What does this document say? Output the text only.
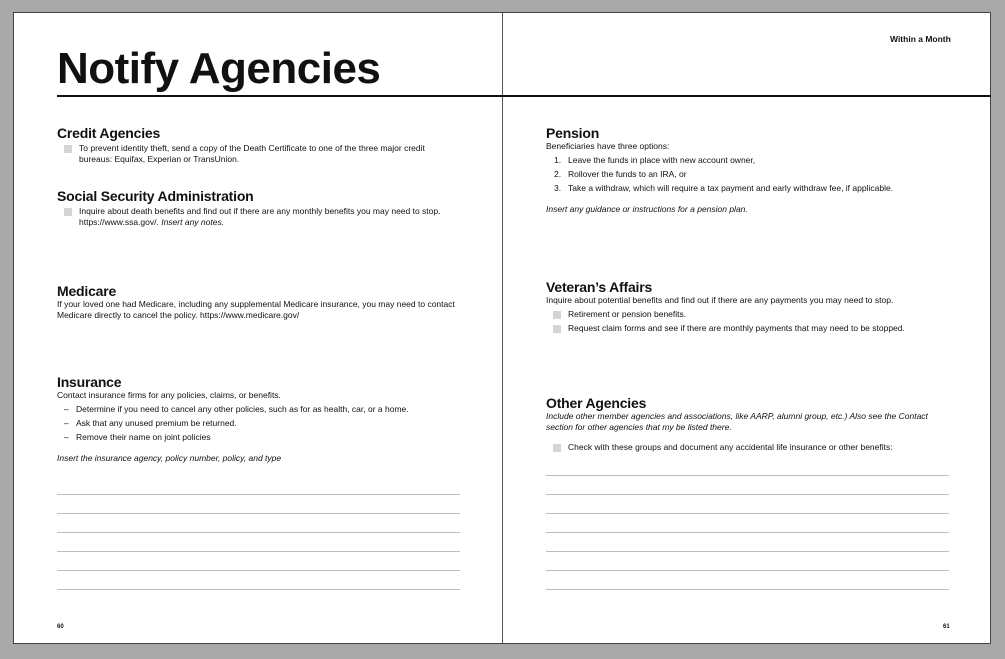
Notify Agencies
Within a Month
Credit Agencies
To prevent identity theft, send a copy of the Death Certificate to one of the three major credit bureaus: Equifax, Experian or TransUnion.
Social Security Administration
Inquire about death benefits and find out if there are any monthly benefits you may need to stop. https://www.ssa.gov/. Insert any notes.
Medicare
If your loved one had Medicare, including any supplemental Medicare insurance, you may need to contact Medicare directly to cancel the policy. https://www.medicare.gov/
Insurance
Contact insurance firms for any policies, claims, or benefits.
– Determine if you need to cancel any other policies, such as for as health, car, or a home.
– Ask that any unused premium be returned.
– Remove their name on joint policies
Insert the insurance agency, policy number, policy, and type
60
Pension
Beneficiaries have three options:
1. Leave the funds in place with new account owner,
2. Rollover the funds to an IRA, or
3. Take a withdraw, which will require a tax payment and early withdraw fee, if applicable.
Insert any guidance or instructions for a pension plan.
Veteran’s Affairs
Inquire about potential benefits and find out if there are any payments you may need to stop.
Retirement or pension benefits.
Request claim forms and see if there are monthly payments that may need to be stopped.
Other Agencies
Include other member agencies and associations, like AARP, alumni group, etc.) Also see the Contact section for other agencies that my be listed there.
Check with these groups and document any accidental life insurance or other benefits:
61
